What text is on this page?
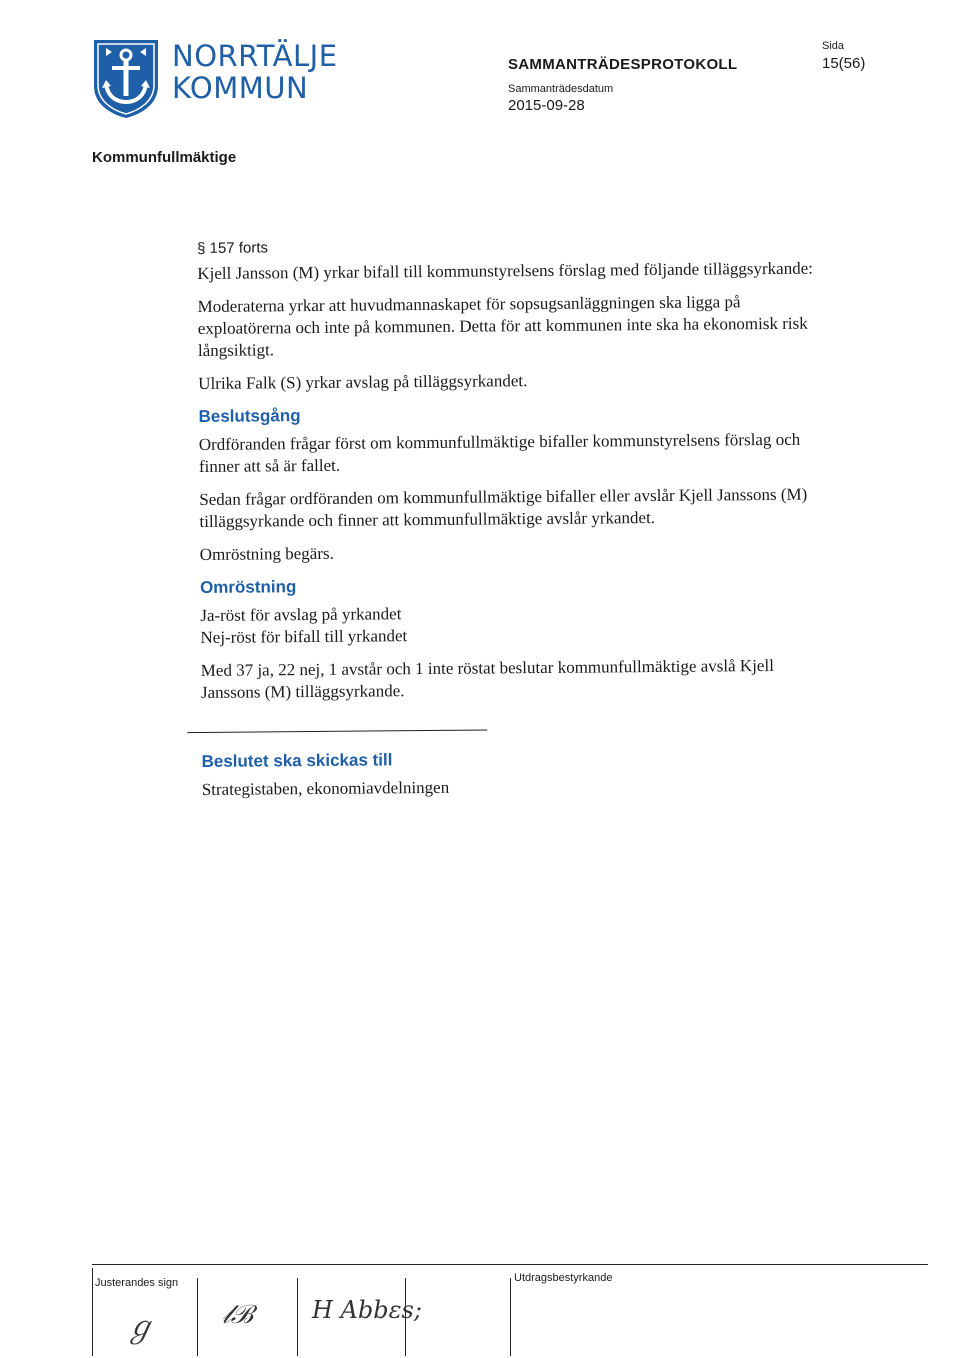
NORRTÄLJE
KOMMUN
SAMMANTRÄDESPROTOKOLL
Sammanträdesdatum
2015-09-28
Sida
15(56)
Kommunfullmäktige
§ 157 forts

Kjell Jansson (M) yrkar bifall till kommunstyrelsens förslag med följande tilläggsyrkande:

Moderaterna yrkar att huvudmannaskapet för sopsugsanläggningen ska ligga på exploatörerna och inte på kommunen. Detta för att kommunen inte ska ha ekonomisk risk långsiktigt.

Ulrika Falk (S) yrkar avslag på tilläggsyrkandet.

Beslutsgång

Ordföranden frågar först om kommunfullmäktige bifaller kommunstyrelsens förslag och finner att så är fallet.

Sedan frågar ordföranden om kommunfullmäktige bifaller eller avslår Kjell Janssons (M) tilläggsyrkande och finner att kommunfullmäktige avslår yrkandet.

Omröstning begärs.

Omröstning

Ja-röst för avslag på yrkandet

Nej-röst för bifall till yrkandet

Med 37 ja, 22 nej, 1 avstår och 1 inte röstat beslutar kommunfullmäktige avslå Kjell Janssons (M) tilläggsyrkande.

Beslutet ska skickas till

Strategistaben, ekonomiavdelningen

Justerandes sign	Utdragsbestyrkande
ℊ	𝓁ℬ H Abbɛs;
